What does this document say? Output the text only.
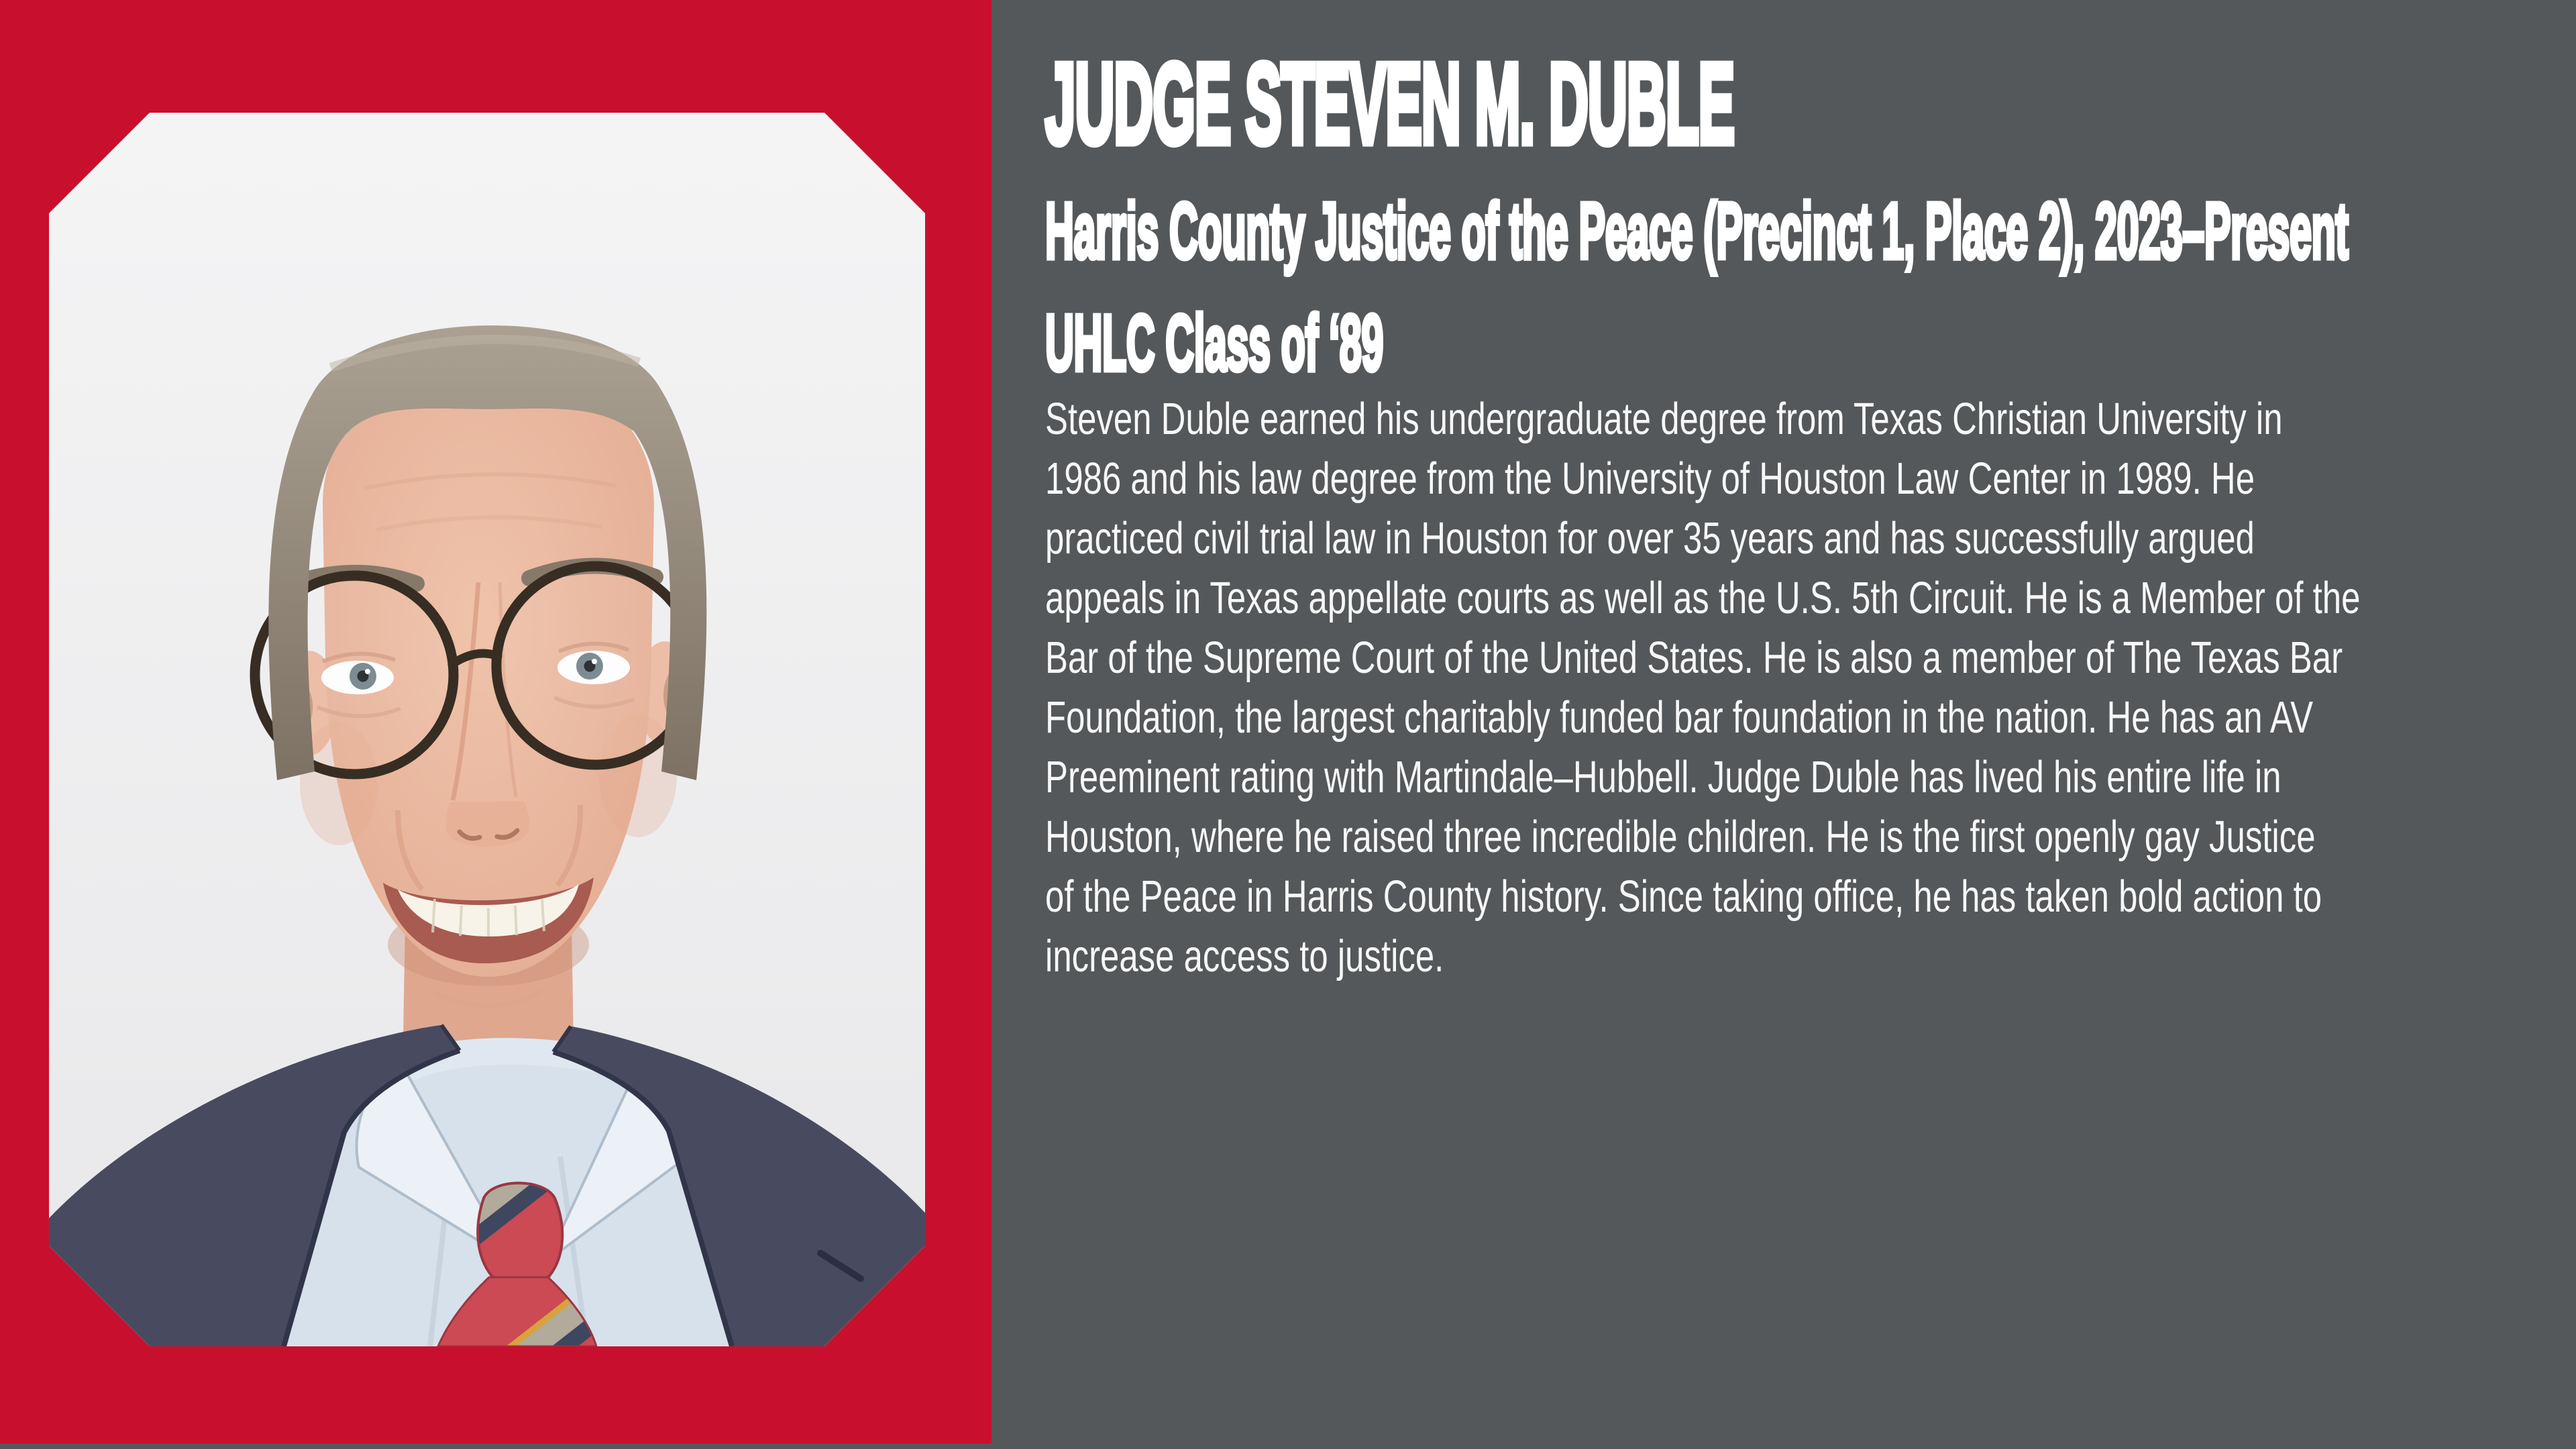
JUDGE STEVEN M. DUBLE
Harris County Justice of the Peace (Precinct 1, Place 2), 2023–Present
UHLC Class of ‘89
Steven Duble earned his undergraduate degree from Texas Christian University in
1986 and his law degree from the University of Houston Law Center in 1989. He
practiced civil trial law in Houston for over 35 years and has successfully argued
appeals in Texas appellate courts as well as the U.S. 5th Circuit. He is a Member of the
Bar of the Supreme Court of the United States. He is also a member of The Texas Bar
Foundation, the largest charitably funded bar foundation in the nation. He has an AV
Preeminent rating with Martindale–Hubbell. Judge Duble has lived his entire life in
Houston, where he raised three incredible children. He is the first openly gay Justice
of the Peace in Harris County history. Since taking office, he has taken bold action to
increase access to justice.
